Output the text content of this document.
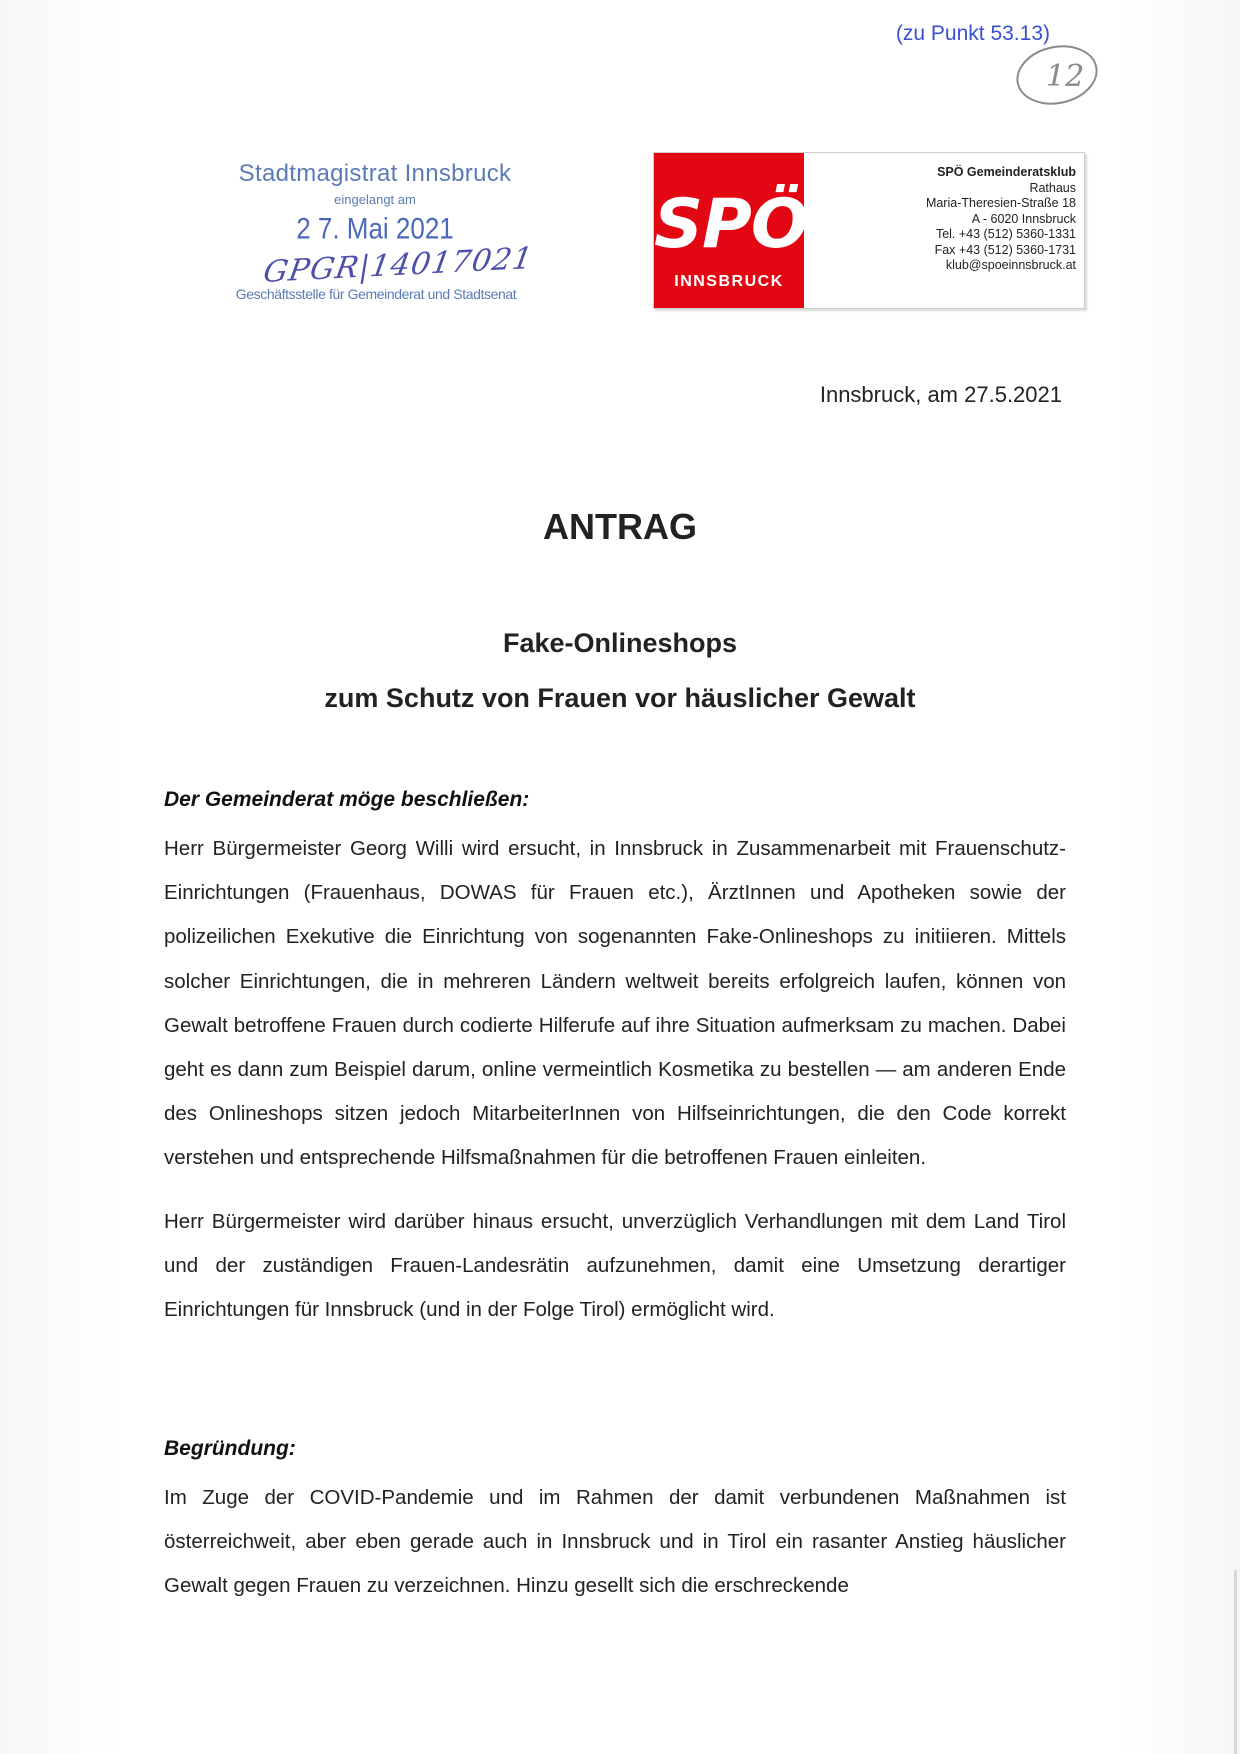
(zu Punkt 53.13)
12
Stadtmagistrat Innsbruck
eingelangt am
2 7. Mai 2021
GPGR|14017021
Geschäftsstelle für Gemeinderat und Stadtsenat
SPÖ
INNSBRUCK
SPÖ Gemeinderatsklub
Rathaus
Maria-Theresien-Straße 18
A - 6020 Innsbruck
Tel. +43 (512) 5360-1331
Fax +43 (512) 5360-1731
klub@spoeinnsbruck.at
Innsbruck, am 27.5.2021
ANTRAG
Fake-Onlineshops
zum Schutz von Frauen vor häuslicher Gewalt
Der Gemeinderat möge beschließen:

Herr Bürgermeister Georg Willi wird ersucht, in Innsbruck in Zusammenarbeit mit Frauenschutz-Einrichtungen (Frauenhaus, DOWAS für Frauen etc.), ÄrztInnen und Apotheken sowie der polizeilichen Exekutive die Einrichtung von sogenannten Fake-Onlineshops zu initiieren. Mittels solcher Einrichtungen, die in mehreren Ländern weltweit bereits erfolgreich laufen, können von Gewalt betroffene Frauen durch codierte Hilferufe auf ihre Situation aufmerksam zu machen. Dabei geht es dann zum Beispiel darum, online vermeintlich Kosmetika zu bestellen — am anderen Ende des Onlineshops sitzen jedoch MitarbeiterInnen von Hilfseinrichtungen, die den Code korrekt verstehen und entsprechende Hilfsmaßnahmen für die betroffenen Frauen einleiten.

Herr Bürgermeister wird darüber hinaus ersucht, unverzüglich Verhandlungen mit dem Land Tirol und der zuständigen Frauen-Landesrätin aufzunehmen, damit eine Umsetzung derartiger Einrichtungen für Innsbruck (und in der Folge Tirol) ermöglicht wird.

Begründung:

Im Zuge der COVID-Pandemie und im Rahmen der damit verbundenen Maßnahmen ist österreichweit, aber eben gerade auch in Innsbruck und in Tirol ein rasanter Anstieg häuslicher Gewalt gegen Frauen zu verzeichnen. Hinzu gesellt sich die erschreckende
